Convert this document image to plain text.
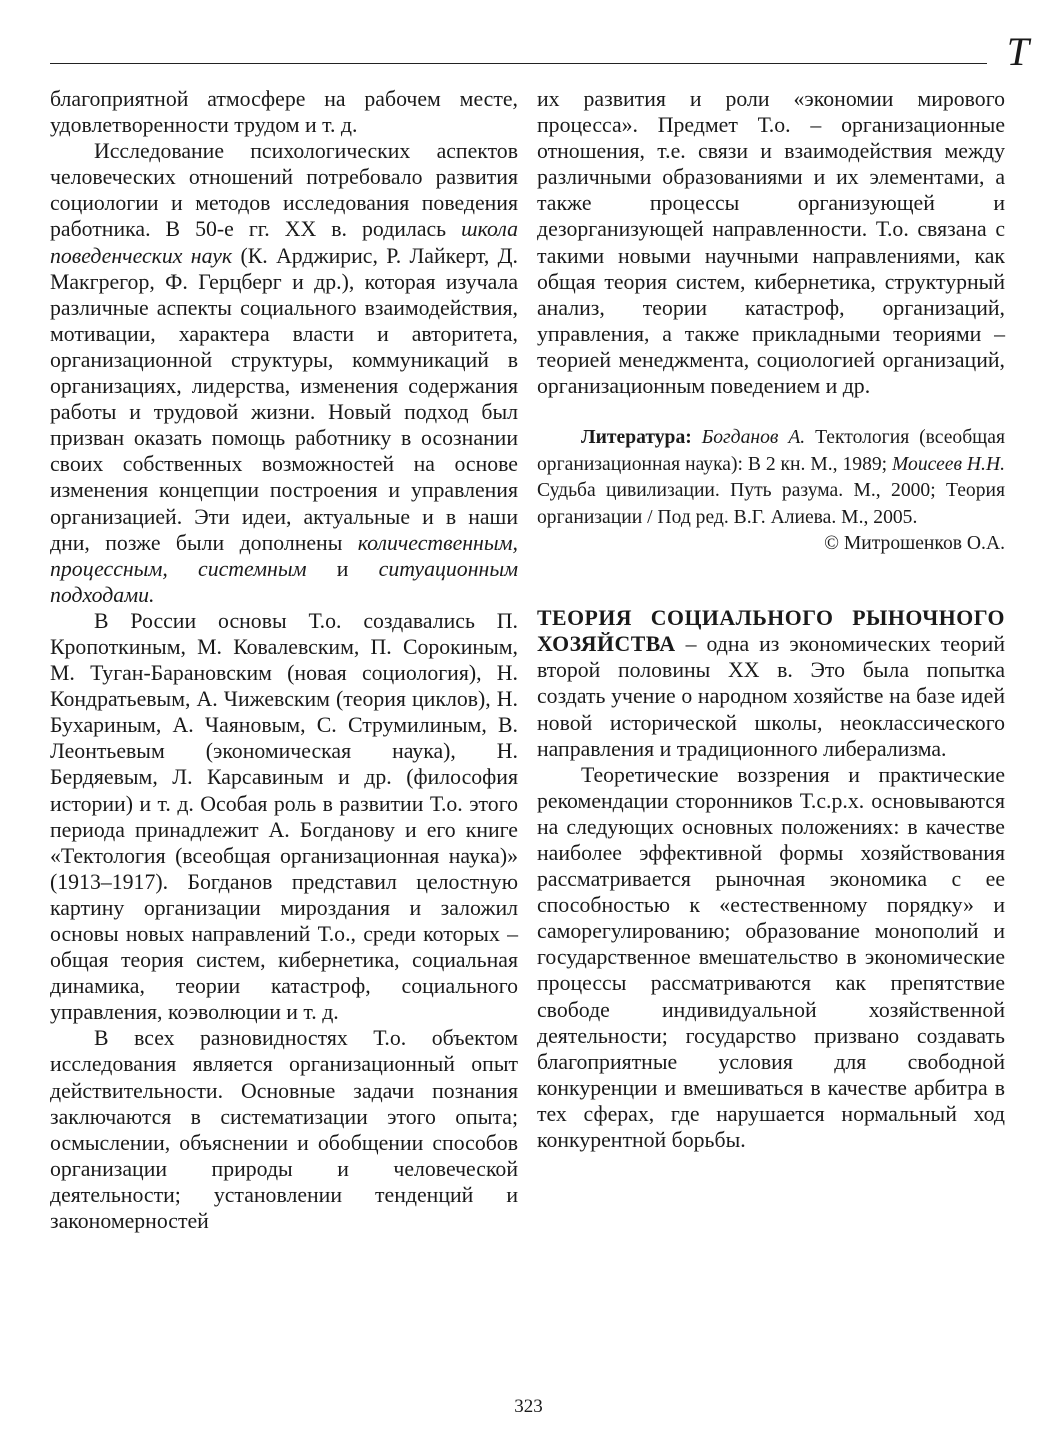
T

благоприятной атмосфере на рабочем месте, удовлетворенности трудом и т. д.

Исследование психологических аспектов человеческих отношений потребовало развития социологии и методов исследования поведения работника. В 50-е гг. XX в. родилась школа поведенческих наук (К. Арджирис, Р. Лайкерт, Д. Макгрегор, Ф. Герцберг и др.), которая изучала различные аспекты социального взаимодействия, мотивации, характера власти и авторитета, организационной структуры, коммуникаций в организациях, лидерства, изменения содержания работы и трудовой жизни. Новый подход был призван оказать помощь работнику в осознании своих собственных возможностей на основе изменения концепции построения и управления организацией. Эти идеи, актуальные и в наши дни, позже были дополнены количественным, процессным, системным и ситуационным подходами.

В России основы Т.о. создавались П. Кропоткиным, М. Ковалевским, П. Сорокиным, М. Туган-Барановским (новая социология), Н. Кондратьевым, А. Чижевским (теория циклов), Н. Бухариным, А. Чаяновым, С. Струмилиным, В. Леонтьевым (экономическая наука), Н. Бердяевым, Л. Карсавиным и др. (философия истории) и т. д. Особая роль в развитии Т.о. этого периода принадлежит А. Богданову и его книге «Тектология (всеобщая организационная наука)» (1913–1917). Богданов представил целостную картину организации мироздания и заложил основы новых направлений Т.о., среди которых – общая теория систем, кибернетика, социальная динамика, теории катастроф, социального управления, коэволюции и т. д.

В всех разновидностях Т.о. объектом исследования является организационный опыт действительности. Основные задачи познания заключаются в систематизации этого опыта; осмыслении, объяснении и обобщении способов организации природы и человеческой деятельности; установлении тенденций и закономерностей

их развития и роли «экономии мирового процесса». Предмет Т.о. – организационные отношения, т.е. связи и взаимодействия между различными образованиями и их элементами, а также процессы организующей и дезорганизующей направленности. Т.о. связана с такими новыми научными направлениями, как общая теория систем, кибернетика, структурный анализ, теории катастроф, организаций, управления, а также прикладными теориями – теорией менеджмента, социологией организаций, организационным поведением и др.

Литература: Богданов А. Тектология (всеобщая организационная наука): В 2 кн. М., 1989; Моисеев Н.Н. Судьба цивилизации. Путь разума. М., 2000; Теория организации / Под ред. В.Г. Алиева. М., 2005.

© Митрошенков О.А.

ТЕОРИЯ СОЦИАЛЬНОГО РЫНОЧНОГО ХОЗЯЙСТВА – одна из экономических теорий второй половины XX в. Это была попытка создать учение о народном хозяйстве на базе идей новой исторической школы, неоклассического направления и традиционного либерализма.

Теоретические воззрения и практические рекомендации сторонников Т.с.р.х. основываются на следующих основных положениях: в качестве наиболее эффективной формы хозяйствования рассматривается рыночная экономика с ее способностью к «естественному порядку» и саморегулированию; образование монополий и государственное вмешательство в экономические процессы рассматриваются как препятствие свободе индивидуальной хозяйственной деятельности; государство призвано создавать благоприятные условия для свободной конкуренции и вмешиваться в качестве арбитра в тех сферах, где нарушается нормальный ход конкурентной борьбы.

323
